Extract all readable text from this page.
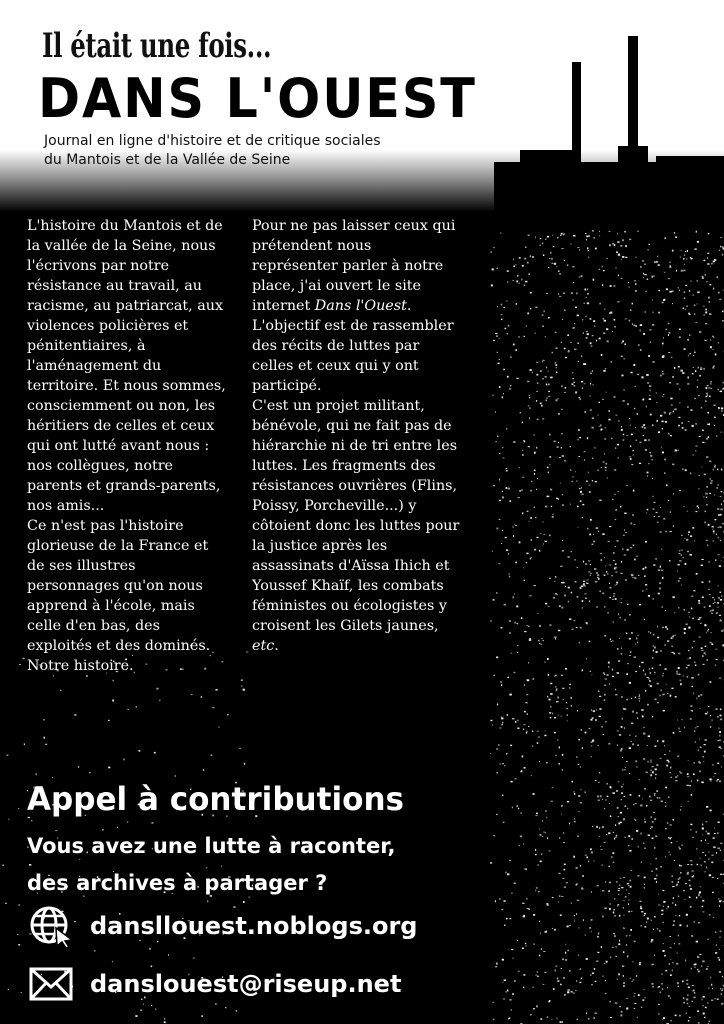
Il était une fois...
DANS L'OUEST
Journal en ligne d'histoire et de critique sociales
du Mantois et de la Vallée de Seine

L'histoire du Mantois et de la vallée de la Seine, nous l'écrivons par notre résistance au travail, au racisme, au patriarcat, aux violences policières et pénitentiaires, à l'aménagement du territoire. Et nous sommes, consciemment ou non, les héritiers de celles et ceux qui ont lutté avant nous : nos collègues, notre parents et grands-parents, nos amis...

Ce n'est pas l'histoire glorieuse de la France et de ses illustres personnages qu'on nous apprend à l'école, mais celle d'en bas, des exploités et des dominés. Notre histoire.

Pour ne pas laisser ceux qui prétendent nous représenter parler à notre place, j'ai ouvert le site internet Dans l'Ouest.

L'objectif est de rassembler des récits de luttes par celles et ceux qui y ont participé.

C'est un projet militant, bénévole, qui ne fait pas de hiérarchie ni de tri entre les luttes. Les fragments des résistances ouvrières (Flins, Poissy, Porcheville...) y côtoient donc les luttes pour la justice après les assassinats d'Aïssa Ihich et Youssef Khaïf, les combats féministes ou écologistes y croisent les Gilets jaunes, etc.

Appel à contributions
Vous avez une lutte à raconter,
des archives à partager ?
dansllouest.noblogs.org
danslouest@riseup.net
